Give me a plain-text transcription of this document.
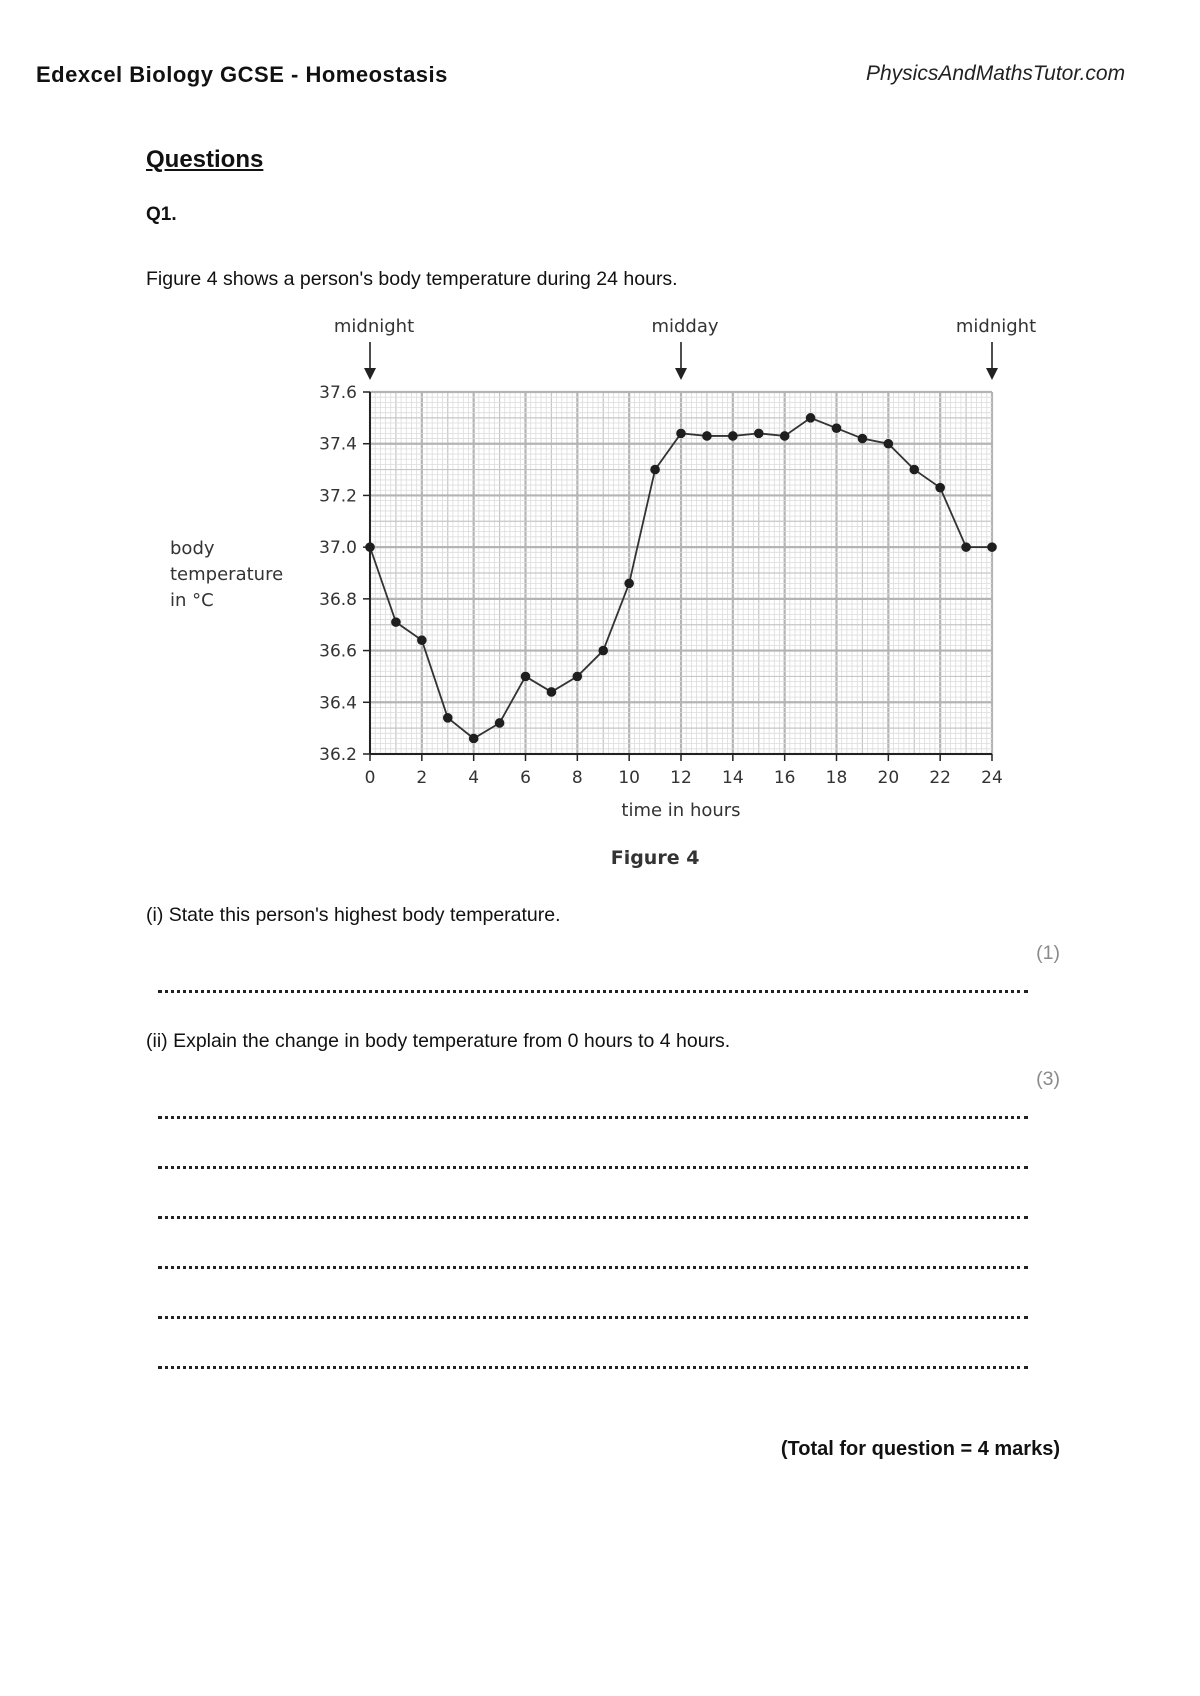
Edexcel Biology GCSE - Homeostasis	PhysicsAndMathsTutor.com
Questions
Q1.
Figure 4 shows a person's body temperature during 24 hours.
0 2 4 6 8 10 12 14 16 18 20 22 24
36.2
36.4
36.6
36.8
37.0
37.2
37.4
37.6
time in hours
body
temperature
in °C
midnight	midday	midnight
Figure 4
(i) State this person's highest body temperature.
(1)
(ii) Explain the change in body temperature from 0 hours to 4 hours.
(3)
(Total for question = 4 marks)
